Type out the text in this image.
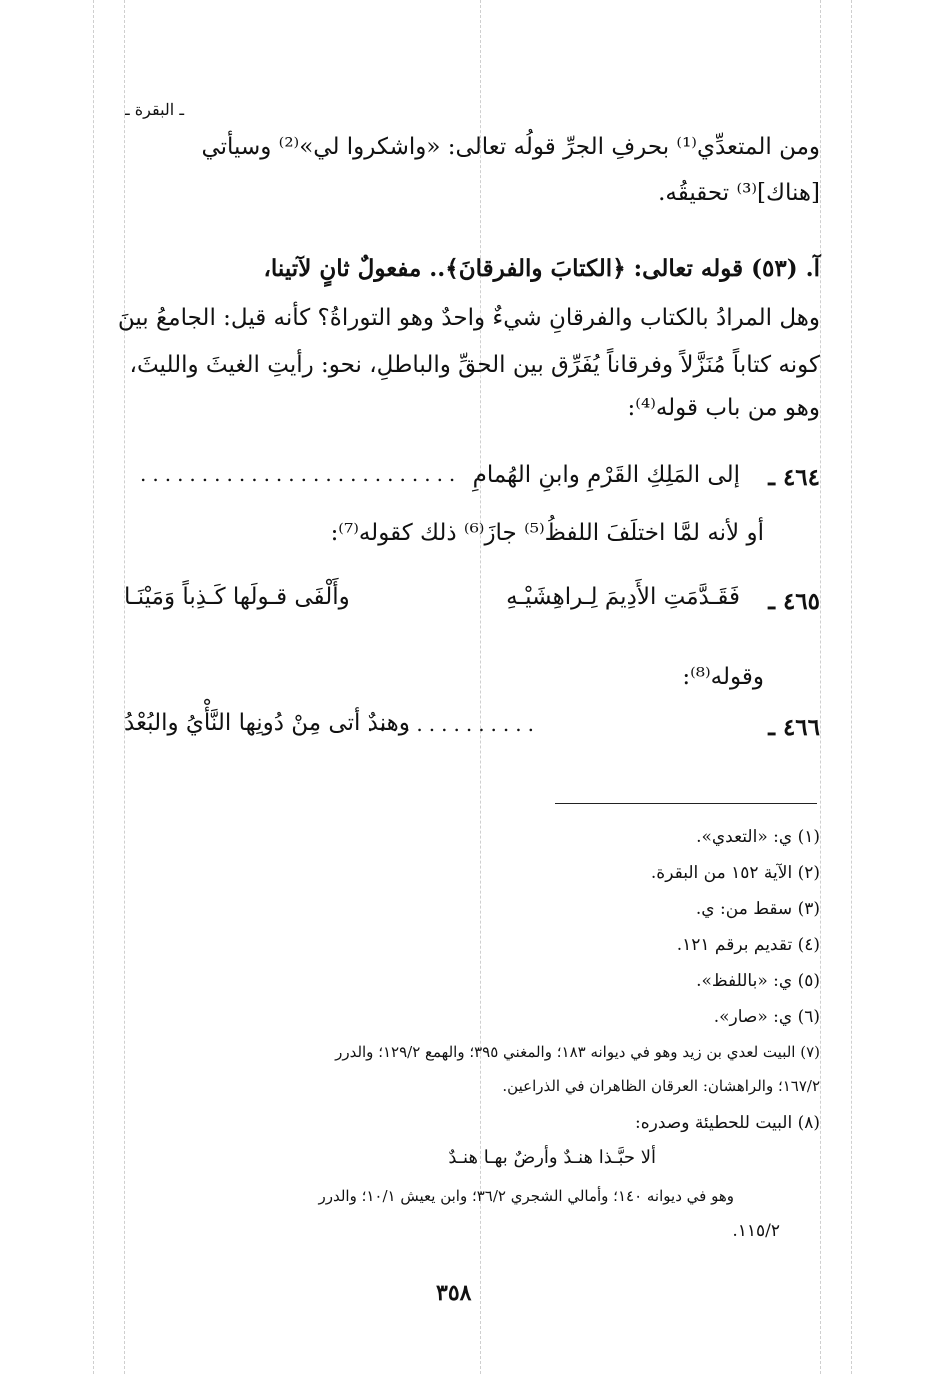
ـ البقرة ـ
ومن المتعدِّي⁽¹⁾ بحرفِ الجرِّ قولُه تعالى: «واشكروا لي»⁽²⁾ وسيأتي
[هناك]⁽³⁾ تحقيقُه.
آ. (٥٣) قوله تعالى: ﴿الكتابَ والفرقانَ﴾.. مفعولٌ ثانٍ لآتينا،
وهل المرادُ بالكتاب والفرقانِ شيءٌ واحدٌ وهو التوراةُ؟ كأنه قيل: الجامعُ بينَ
كونه كتاباً مُنَزَّلاً وفرقاناً يُفَرِّق بين الحقِّ والباطلِ، نحو: رأيتِ الغيثَ والليثَ،
وهو من باب قوله⁽⁴⁾:
٤٦٤ ـ
إلى المَلِكِ القَرْمِ وابنِ الهُمامِ
..........................
أو لأنه لمَّا اختلَفَ اللفظُ⁽⁵⁾ جازَ⁽⁶⁾ ذلك كقوله⁽⁷⁾:
٤٦٥ ـ
فَقَـدَّمَتِ الأَدِيمَ لِـراهِشَيْـهِ
وأَلْفَى قـولَها كَـذِباً وَمَيْنَـا
وقوله⁽⁸⁾:
٤٦٦ ـ
..............
وهندٌ أتى مِنْ دُونِها النَّأْيُ والبُعْدُ
(١) ي: «التعدي».
(٢) الآية ١٥٢ من البقرة.
(٣) سقط من: ي.
(٤) تقديم برقم ١٢١.
(٥) ي: «باللفظ».
(٦) ي: «صار».
(٧) البيت لعدي بن زيد وهو في ديوانه ١٨٣؛ والمغني ٣٩٥؛ والهمع ١٢٩/٢؛ والدرر
١٦٧/٢؛ والراهشان: العرقان الظاهران في الذراعين.
(٨) البيت للحطيئة وصدره:
ألا حبَّـذا هنـدٌ وأرضٌ بهـا هنـدٌ
وهو في ديوانه ١٤٠؛ وأمالي الشجري ٣٦/٢؛ وابن يعيش ١٠/١؛ والدرر
١١٥/٢.
٣٥٨
